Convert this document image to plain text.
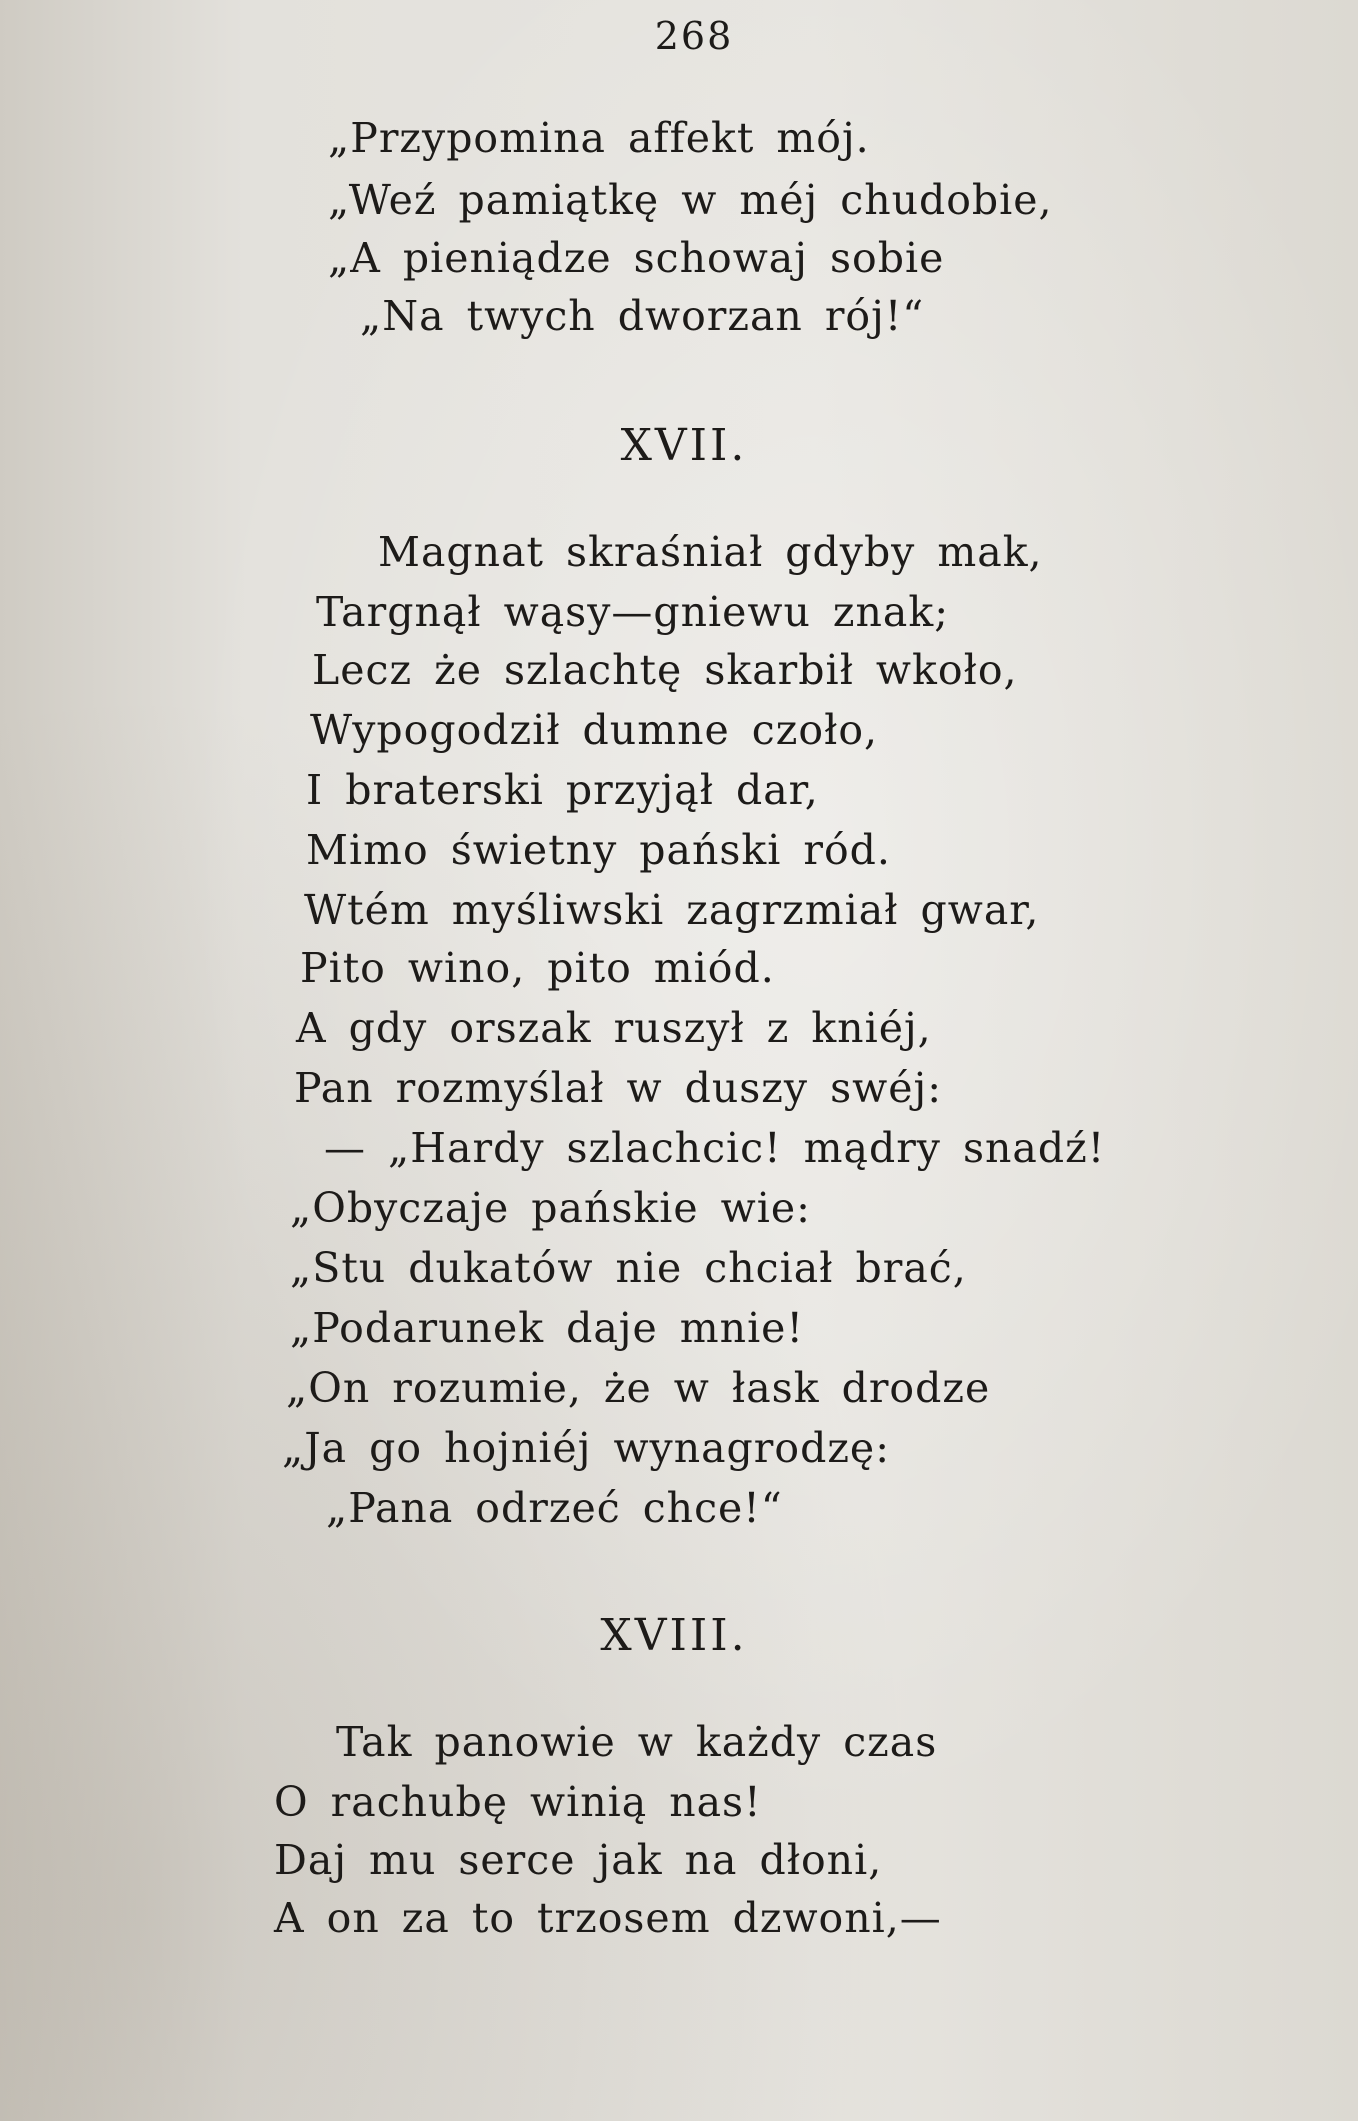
268
„Przypomina affekt mój.
„Weź pamiątkę w méj chudobie,
„A pieniądze schowaj sobie
„Na twych dworzan rój!“
XVII.
Magnat skraśniał gdyby mak,
Targnął wąsy—gniewu znak;
Lecz że szlachtę skarbił wkoło,
Wypogodził dumne czoło,
I braterski przyjął dar,
Mimo świetny pański ród.
Wtém myśliwski zagrzmiał gwar,
Pito wino, pito miód.
A gdy orszak ruszył z kniéj,
Pan rozmyślał w duszy swéj:
— „Hardy szlachcic! mądry snadź!
„Obyczaje pańskie wie:
„Stu dukatów nie chciał brać,
„Podarunek daje mnie!
„On rozumie, że w łask drodze
„Ja go hojniéj wynagrodzę:
„Pana odrzeć chce!“
XVIII.
Tak panowie w każdy czas
O rachubę winią nas!
Daj mu serce jak na dłoni,
A on za to trzosem dzwoni,—
